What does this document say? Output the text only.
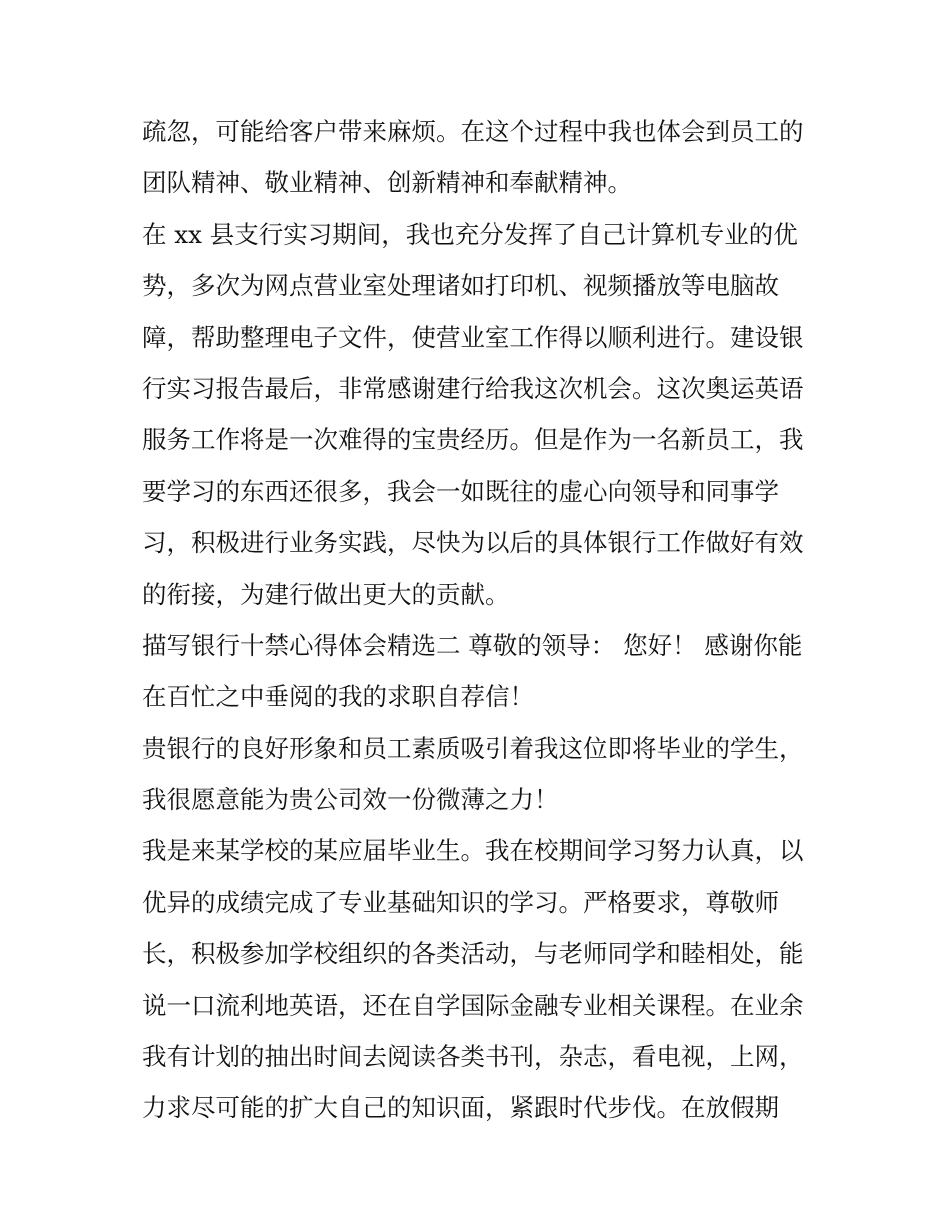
疏忽，可能给客户带来麻烦。在这个过程中我也体会到员工的
团队精神、敬业精神、创新精神和奉献精神。
在 xx 县支行实习期间，我也充分发挥了自己计算机专业的优
势，多次为网点营业室处理诸如打印机、视频播放等电脑故
障，帮助整理电子文件，使营业室工作得以顺利进行。建设银
行实习报告最后，非常感谢建行给我这次机会。这次奥运英语
服务工作将是一次难得的宝贵经历。但是作为一名新员工，我
要学习的东西还很多，我会一如既往的虚心向领导和同事学
习，积极进行业务实践，尽快为以后的具体银行工作做好有效
的衔接，为建行做出更大的贡献。
描写银行十禁心得体会精选二 尊敬的领导： 您好！ 感谢你能
在百忙之中垂阅的我的求职自荐信！
贵银行的良好形象和员工素质吸引着我这位即将毕业的学生，
我很愿意能为贵公司效一份微薄之力！
我是来某学校的某应届毕业生。我在校期间学习努力认真，以
优异的成绩完成了专业基础知识的学习。严格要求，尊敬师
长，积极参加学校组织的各类活动，与老师同学和睦相处，能
说一口流利地英语，还在自学国际金融专业相关课程。在业余
我有计划的抽出时间去阅读各类书刊，杂志，看电视，上网，
力求尽可能的扩大自己的知识面，紧跟时代步伐。在放假期
